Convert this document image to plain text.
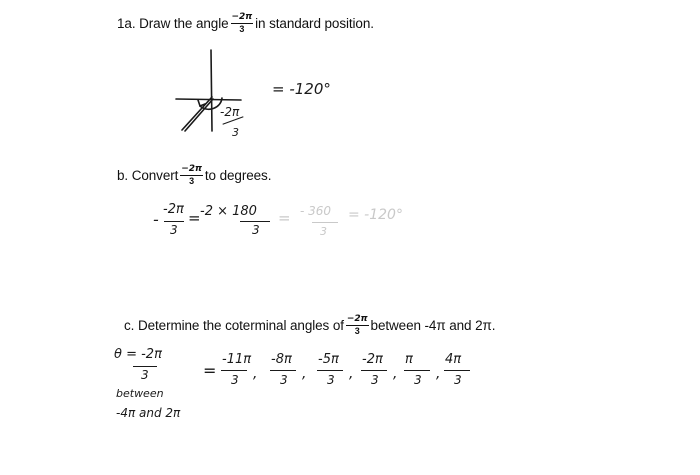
1a. Draw the angle $\frac{-2\pi}{3}$ in standard position.
-2π
3
= -120°
b. Convert $\frac{-2\pi}{3}$ to degrees.
-
-2π
3
= -2 × 180
3
= - 360
3
= -120°
c. Determine the coterminal angles of $\frac{-2\pi}{3}$ between -4π and 2π.
θ = -2π
3
between
-4π and 2π
=
-11π
3 ,
-8π
3 ,
-5π
3 ,
-2π
3 ,
π
3 ,
4π
3
